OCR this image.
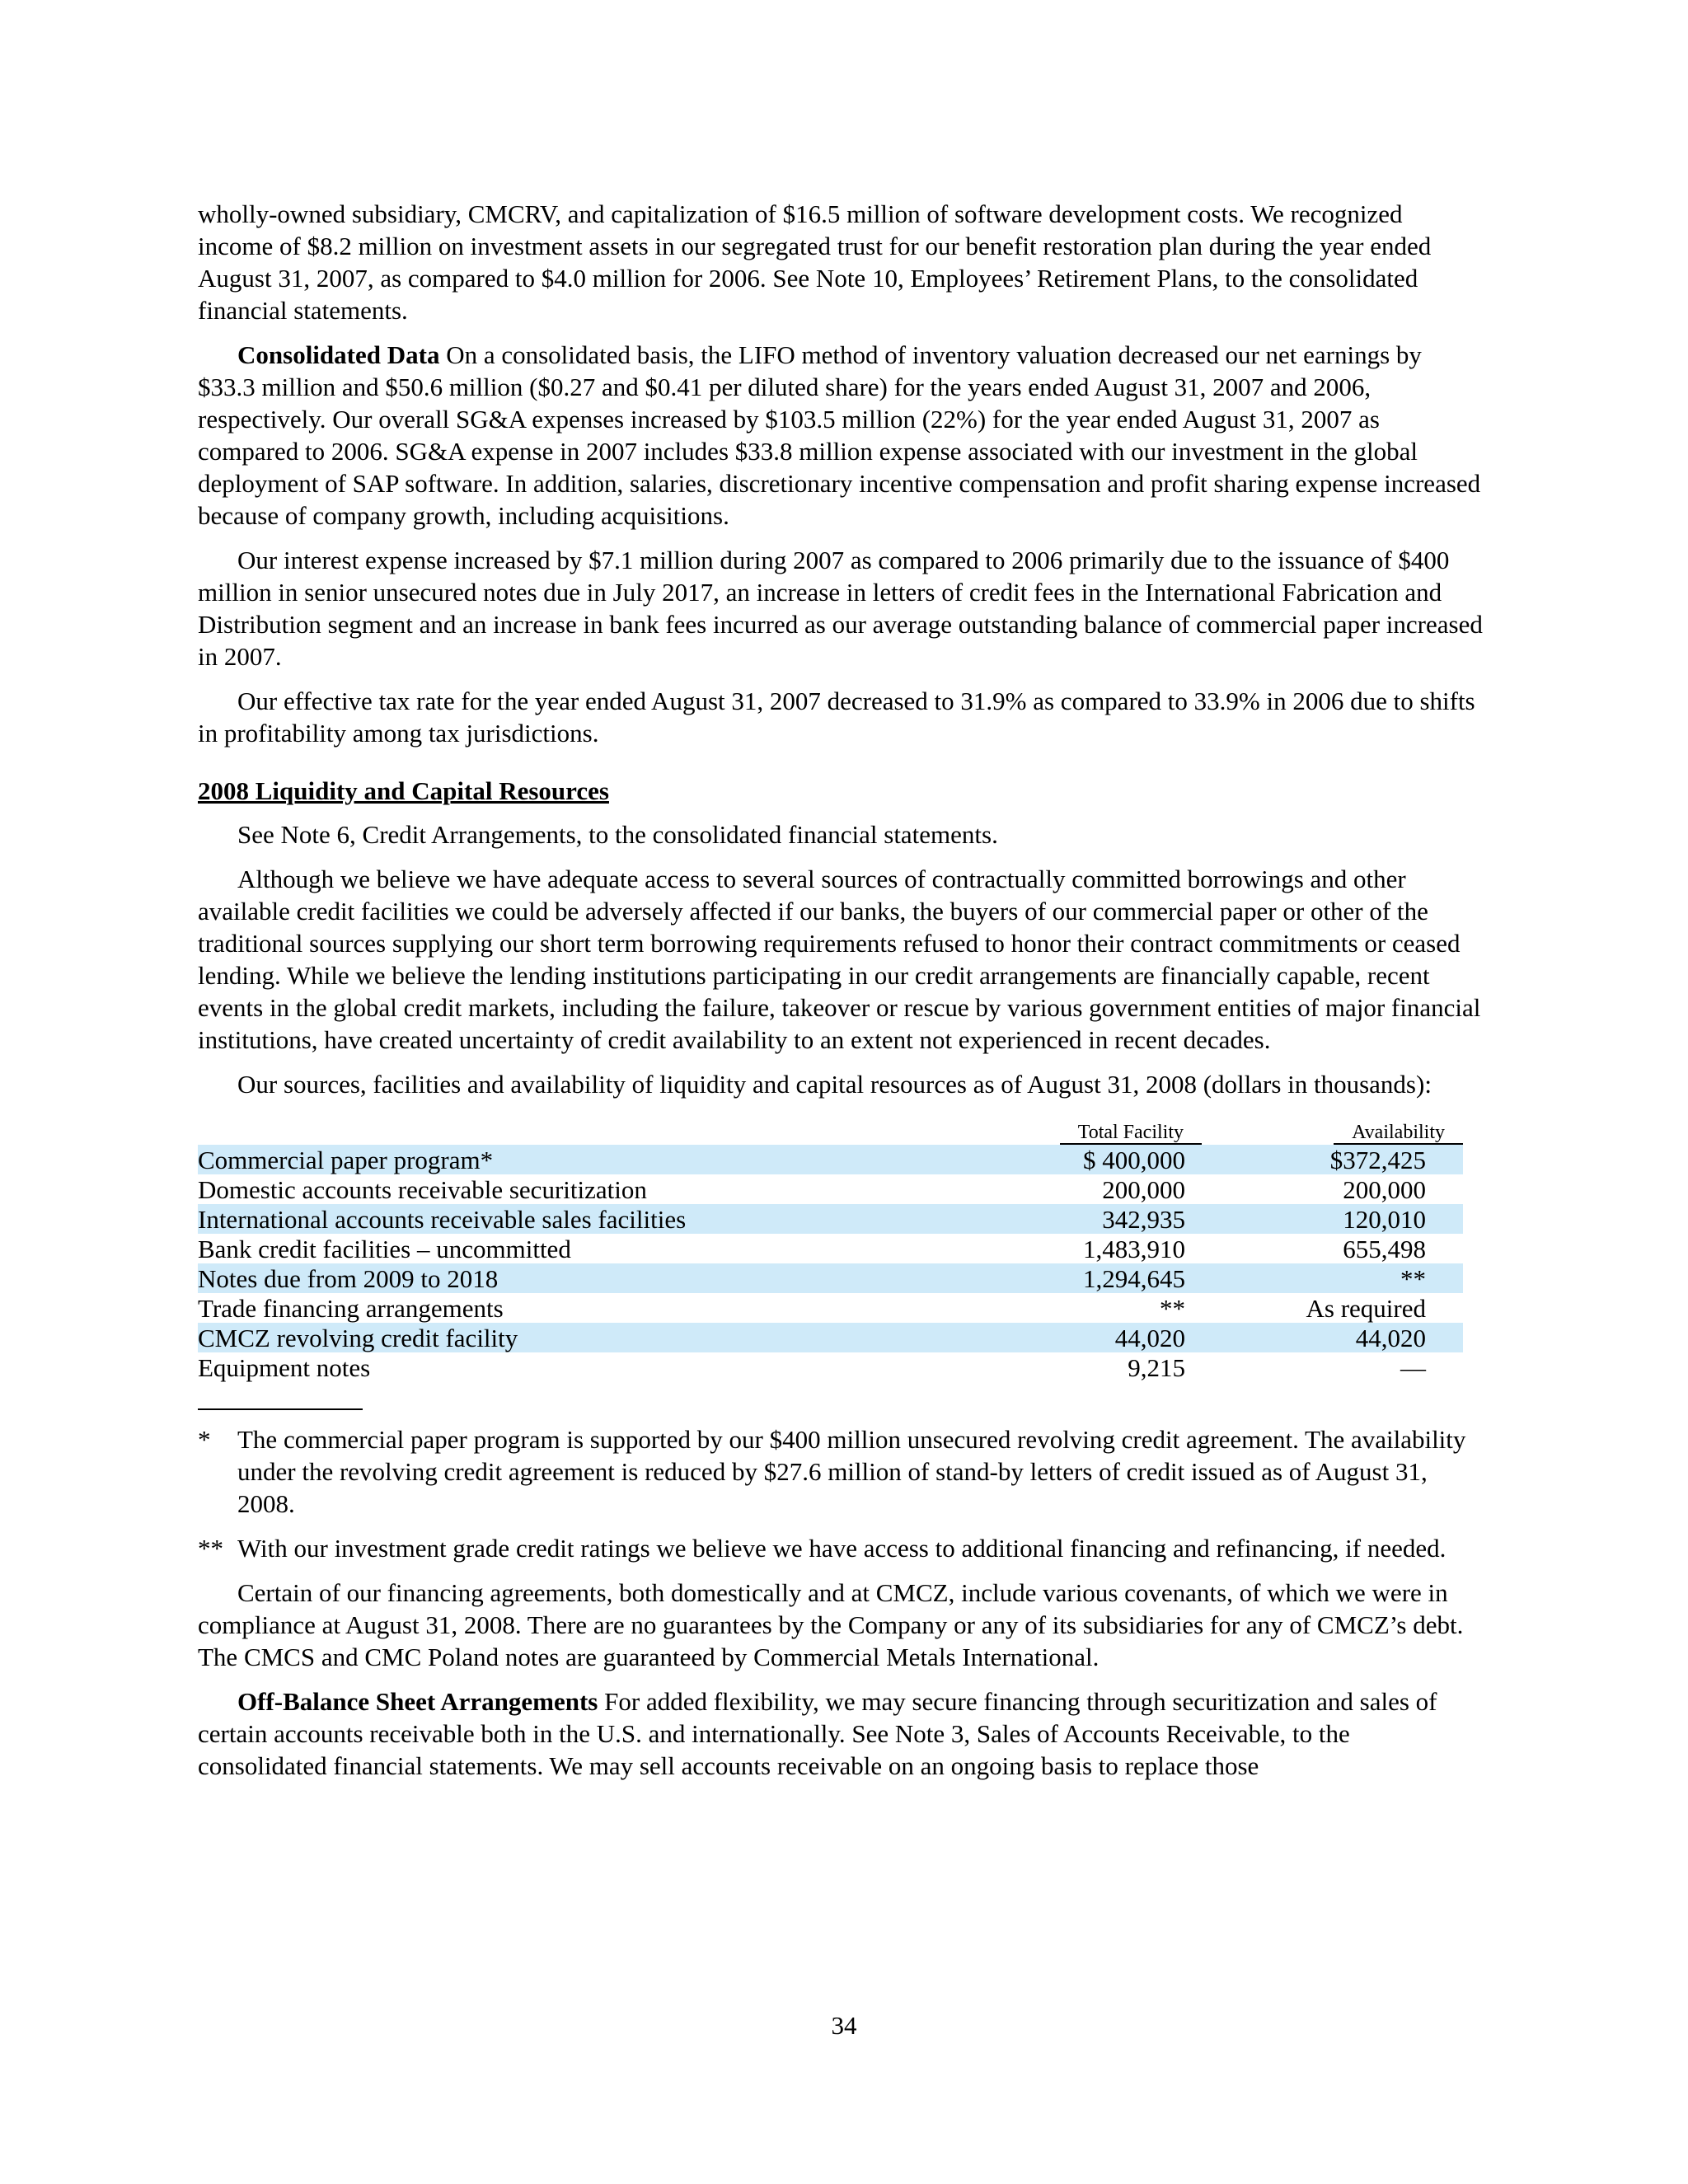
wholly-owned subsidiary, CMCRV, and capitalization of $16.5 million of software development costs. We recognized income of $8.2 million on investment assets in our segregated trust for our benefit restoration plan during the year ended August 31, 2007, as compared to $4.0 million for 2006. See Note 10, Employees’ Retirement Plans, to the consolidated financial statements.

Consolidated Data On a consolidated basis, the LIFO method of inventory valuation decreased our net earnings by $33.3 million and $50.6 million ($0.27 and $0.41 per diluted share) for the years ended August 31, 2007 and 2006, respectively. Our overall SG&A expenses increased by $103.5 million (22%) for the year ended August 31, 2007 as compared to 2006. SG&A expense in 2007 includes $33.8 million expense associated with our investment in the global deployment of SAP software. In addition, salaries, discretionary incentive compensation and profit sharing expense increased because of company growth, including acquisitions.

Our interest expense increased by $7.1 million during 2007 as compared to 2006 primarily due to the issuance of $400 million in senior unsecured notes due in July 2017, an increase in letters of credit fees in the International Fabrication and Distribution segment and an increase in bank fees incurred as our average outstanding balance of commercial paper increased in 2007.

Our effective tax rate for the year ended August 31, 2007 decreased to 31.9% as compared to 33.9% in 2006 due to shifts in profitability among tax jurisdictions.

2008 Liquidity and Capital Resources

See Note 6, Credit Arrangements, to the consolidated financial statements.

Although we believe we have adequate access to several sources of contractually committed borrowings and other available credit facilities we could be adversely affected if our banks, the buyers of our commercial paper or other of the traditional sources supplying our short term borrowing requirements refused to honor their contract commitments or ceased lending. While we believe the lending institutions participating in our credit arrangements are financially capable, recent events in the global credit markets, including the failure, takeover or rescue by various government entities of major financial institutions, have created uncertainty of credit availability to an extent not experienced in recent decades.

Our sources, facilities and availability of liquidity and capital resources as of August 31, 2008 (dollars in thousands):

	Total Facility	Availability	
Commercial paper program*	$ 400,000	$372,425	
Domestic accounts receivable securitization	200,000	200,000	
International accounts receivable sales facilities	342,935	120,010	
Bank credit facilities – uncommitted	1,483,910	655,498	
Notes due from 2009 to 2018	1,294,645	**	
Trade financing arrangements	**	As required	
CMCZ revolving credit facility	44,020	44,020	
Equipment notes	9,215	—	
*	The commercial paper program is supported by our $400 million unsecured revolving credit agreement. The availability under the revolving credit agreement is reduced by $27.6 million of stand-by letters of credit issued as of August 31, 2008.
** With our investment grade credit ratings we believe we have access to additional financing and refinancing, if needed.

Certain of our financing agreements, both domestically and at CMCZ, include various covenants, of which we were in compliance at August 31, 2008. There are no guarantees by the Company or any of its subsidiaries for any of CMCZ’s debt. The CMCS and CMC Poland notes are guaranteed by Commercial Metals International.

Off-Balance Sheet Arrangements For added flexibility, we may secure financing through securitization and sales of certain accounts receivable both in the U.S. and internationally. See Note 3, Sales of Accounts Receivable, to the consolidated financial statements. We may sell accounts receivable on an ongoing basis to replace those

34
